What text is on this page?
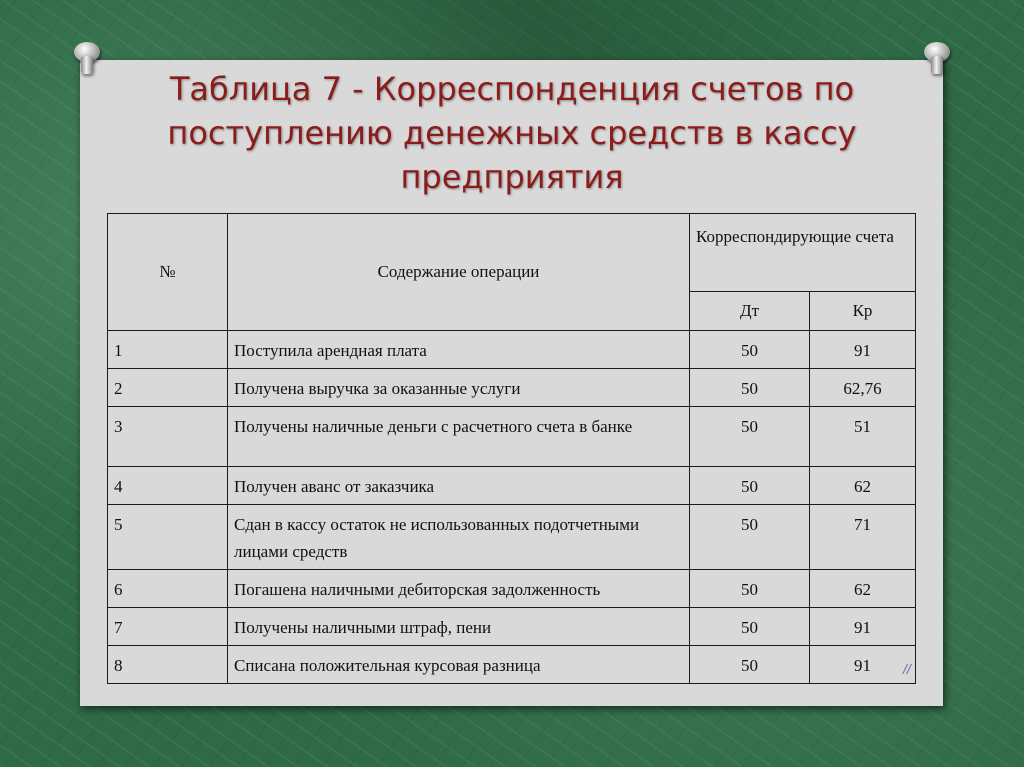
Таблица 7 - Корреспонденция счетов по поступлению денежных средств в кассу предприятия
№	Содержание операции	Корреспондирующие счета	
		Дт	Кр
1	Поступила арендная плата	50	91
2	Получена выручка за оказанные услуги	50	62,76
3	Получены наличные деньги с расчетного счета в банке	50	51
4	Получен аванс от заказчика	50	62
5	Сдан в кассу остаток не использованных подотчетными лицами средств	50	71
6	Погашена наличными дебиторская задолженность	50	62
7	Получены наличными штраф, пени	50	91
8	Списана положительная курсовая разница	50	91 //
